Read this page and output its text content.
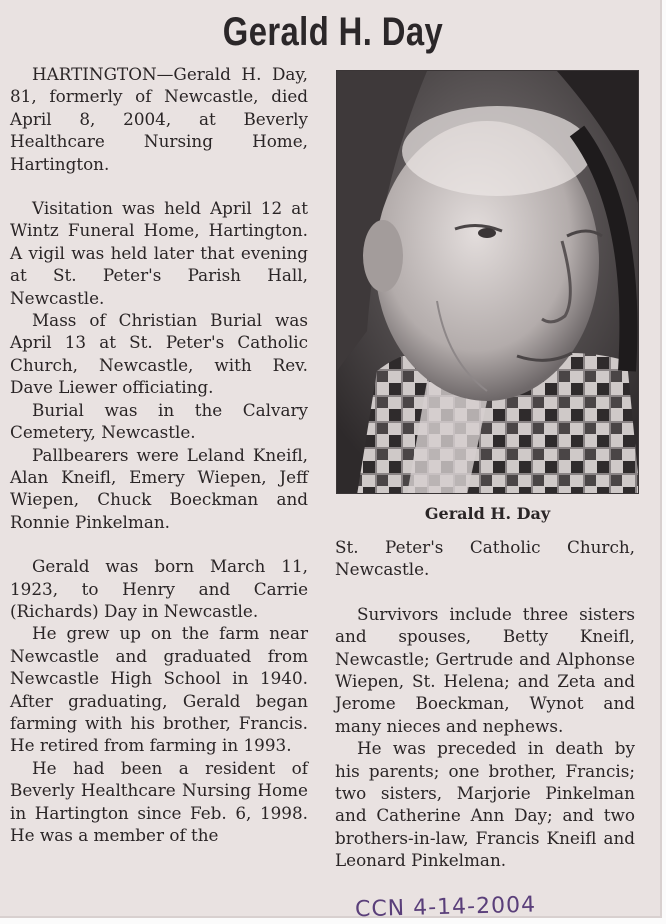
Gerald H. Day

HARTINGTON—Gerald H. Day, 81, formerly of Newcastle, died April 8, 2004, at Beverly Healthcare Nursing Home, Hartington.

Visitation was held April 12 at Wintz Funeral Home, Hartington. A vigil was held later that evening at St. Peter's Parish Hall, Newcastle.

Mass of Christian Burial was April 13 at St. Peter's Catholic Church, Newcastle, with Rev. Dave Liewer officiating.

Burial was in the Calvary Cemetery, Newcastle.

Pallbearers were Leland Kneifl, Alan Kneifl, Emery Wiepen, Jeff Wiepen, Chuck Boeckman and Ronnie Pinkelman.

Gerald was born March 11, 1923, to Henry and Carrie (Richards) Day in Newcastle.

He grew up on the farm near Newcastle and graduated from Newcastle High School in 1940. After graduating, Gerald began farming with his brother, Francis. He retired from farming in 1993.

He had been a resident of Beverly Healthcare Nursing Home in Hartington since Feb. 6, 1998. He was a member of the

Gerald H. Day

St. Peter's Catholic Church, Newcastle.

Survivors include three sisters and spouses, Betty Kneifl, Newcastle; Gertrude and Alphonse Wiepen, St. Helena; and Zeta and Jerome Boeckman, Wynot and many nieces and nephews.

He was preceded in death by his parents; one brother, Francis; two sisters, Marjorie Pinkelman and Catherine Ann Day; and two brothers-in-law, Francis Kneifl and Leonard Pinkelman.

CCN 4-14-2004
